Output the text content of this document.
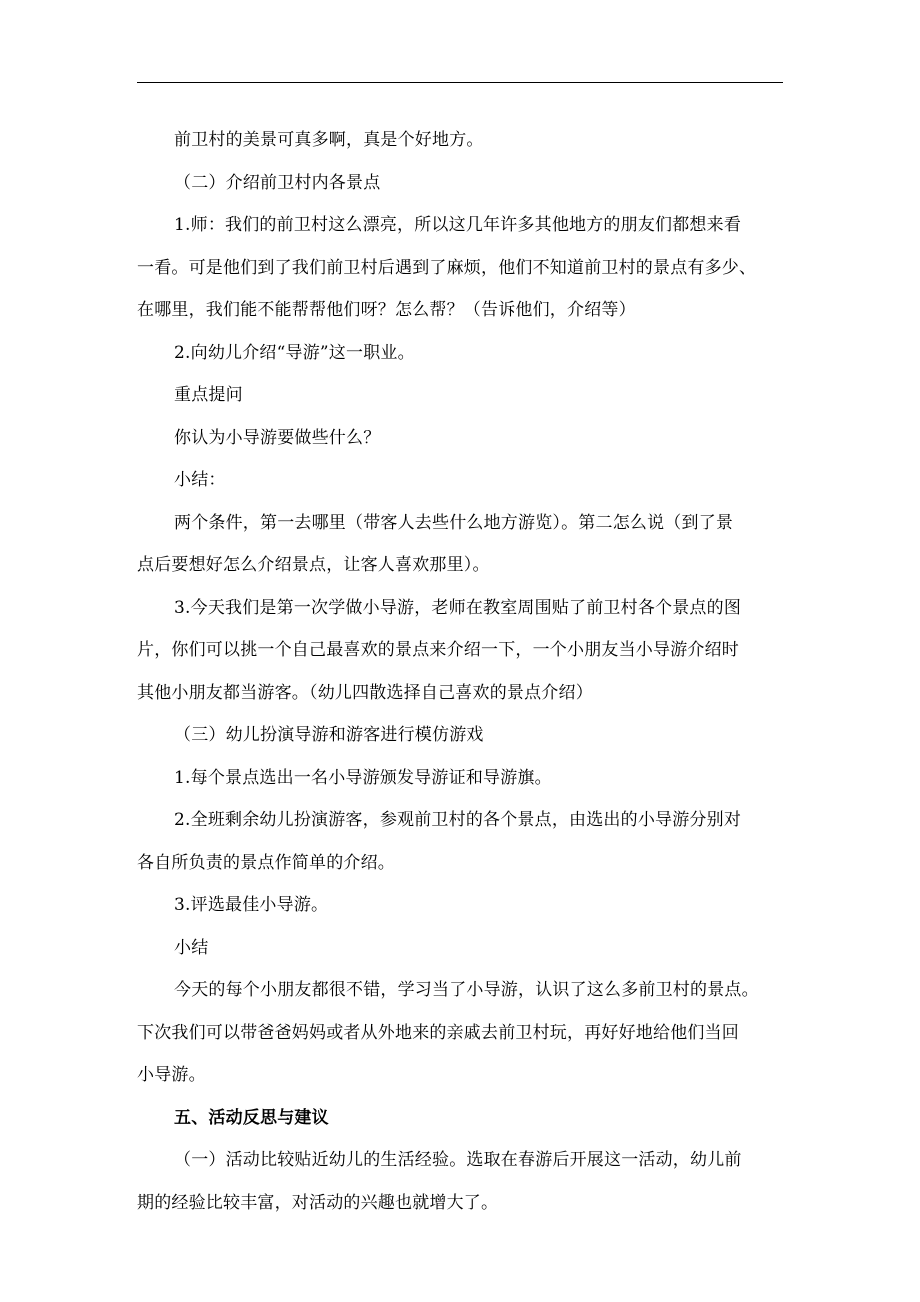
前卫村的美景可真多啊，真是个好地方。

（二）介绍前卫村内各景点

1.师：我们的前卫村这么漂亮，所以这几年许多其他地方的朋友们都想来看

一看。可是他们到了我们前卫村后遇到了麻烦，他们不知道前卫村的景点有多少、

在哪里，我们能不能帮帮他们呀？怎么帮？（告诉他们，介绍等）

2.向幼儿介绍“导游”这一职业。

重点提问

你认为小导游要做些什么？

小结：

两个条件，第一去哪里（带客人去些什么地方游览）。第二怎么说（到了景

点后要想好怎么介绍景点，让客人喜欢那里）。

3.今天我们是第一次学做小导游，老师在教室周围贴了前卫村各个景点的图

片，你们可以挑一个自己最喜欢的景点来介绍一下，一个小朋友当小导游介绍时

其他小朋友都当游客。（幼儿四散选择自己喜欢的景点介绍）

（三）幼儿扮演导游和游客进行模仿游戏

1.每个景点选出一名小导游颁发导游证和导游旗。

2.全班剩余幼儿扮演游客，参观前卫村的各个景点，由选出的小导游分别对

各自所负责的景点作简单的介绍。

3.评选最佳小导游。

小结

今天的每个小朋友都很不错，学习当了小导游，认识了这么多前卫村的景点。

下次我们可以带爸爸妈妈或者从外地来的亲戚去前卫村玩，再好好地给他们当回

小导游。

五、活动反思与建议

（一）活动比较贴近幼儿的生活经验。选取在春游后开展这一活动，幼儿前

期的经验比较丰富，对活动的兴趣也就增大了。
